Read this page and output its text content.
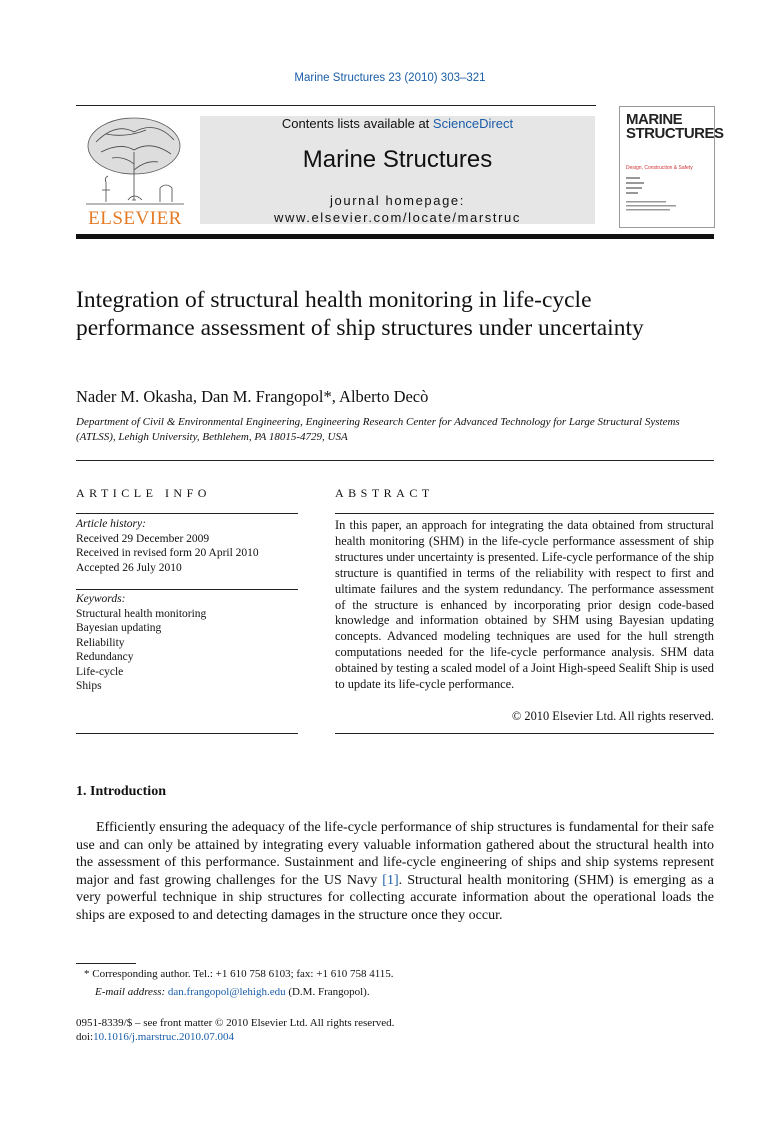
Marine Structures 23 (2010) 303–321
ELSEVIER
Contents lists available at ScienceDirect
Marine Structures
journal homepage: www.elsevier.com/locate/marstruc
MARINE
STRUCTURES
Design, Construction & Safety
Integration of structural health monitoring in life-cycle performance assessment of ship structures under uncertainty
Nader M. Okasha, Dan M. Frangopol*, Alberto Decò
Department of Civil & Environmental Engineering, Engineering Research Center for Advanced Technology for Large Structural Systems (ATLSS), Lehigh University, Bethlehem, PA 18015-4729, USA
ARTICLE INFO	ABSTRACT
Article history:
Received 29 December 2009
Received in revised form 20 April 2010
Accepted 26 July 2010
Keywords:
Structural health monitoring
Bayesian updating
Reliability
Redundancy
Life-cycle
Ships
In this paper, an approach for integrating the data obtained from structural health monitoring (SHM) in the life-cycle performance assessment of ship structures under uncertainty is presented. Life-cycle performance of the ship structure is quantified in terms of the reliability with respect to first and ultimate failures and the system redundancy. The performance assessment of the structure is enhanced by incorporating prior design code-based knowledge and information obtained by SHM using Bayesian updating concepts. Advanced modeling techniques are used for the hull strength computations needed for the life-cycle performance analysis. SHM data obtained by testing a scaled model of a Joint High-speed Sealift Ship is used to update its life-cycle performance.
© 2010 Elsevier Ltd. All rights reserved.
1. Introduction
Efficiently ensuring the adequacy of the life-cycle performance of ship structures is fundamental for their safe use and can only be attained by integrating every valuable information gathered about the structural health into the assessment of this performance. Sustainment and life-cycle engineering of ships and ship systems represent major and fast growing challenges for the US Navy [1]. Structural health monitoring (SHM) is emerging as a very powerful technique in ship structures for collecting accurate information about the operational loads the ships are exposed to and detecting damages in the structure once they occur.
* Corresponding author. Tel.: +1 610 758 6103; fax: +1 610 758 4115.
E-mail address: dan.frangopol@lehigh.edu (D.M. Frangopol).
0951-8339/$ – see front matter © 2010 Elsevier Ltd. All rights reserved.
doi:10.1016/j.marstruc.2010.07.004
